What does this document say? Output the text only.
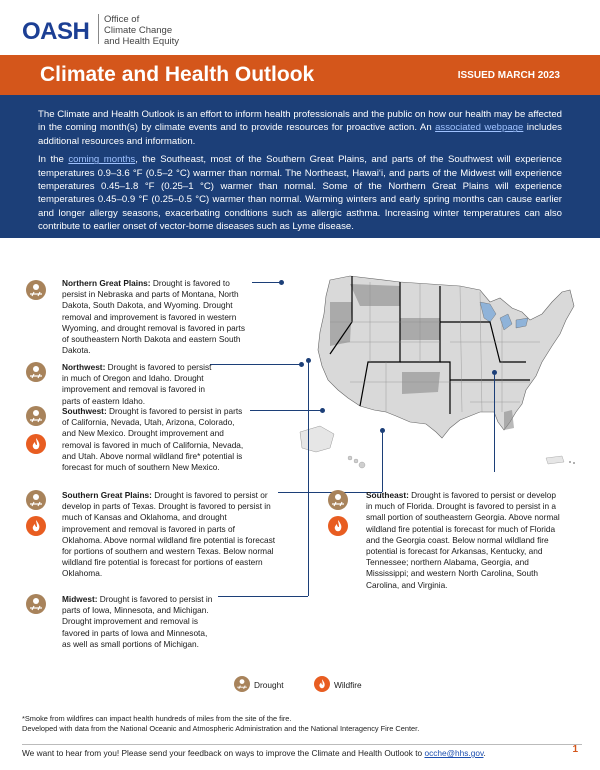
OASH Office of
Climate Change
and Health Equity
Climate and Health Outlook	ISSUED MARCH 2023

The Climate and Health Outlook is an effort to inform health professionals and the public on how our health may be affected in the coming month(s) by climate events and to provide resources for proactive action. An associated webpage includes additional resources and information.

In the coming months, the Southeast, most of the Southern Great Plains, and parts of the Southwest will experience temperatures 0.9–3.6 °F (0.5–2 °C) warmer than normal. The Northeast, Hawai‘i, and parts of the Midwest will experience temperatures 0.45–1.8 °F (0.25–1 °C) warmer than normal. Some of the Northern Great Plains will experience temperatures 0.45–0.9 °F (0.25–0.5 °C) warmer than normal. Warming winters and early spring months can cause earlier and longer allergy seasons, exacerbating conditions such as allergic asthma. Increasing winter temperatures can also contribute to earlier onset of vector-borne diseases such as Lyme disease.

Northern Great Plains: Drought is favored to persist in Nebraska and parts of Montana, North Dakota, South Dakota, and Wyoming. Drought removal and improvement is favored in western Wyoming, and drought removal is favored in parts of southeastern North Dakota and eastern South Dakota.
Northwest: Drought is favored to persist in much of Oregon and Idaho. Drought improvement and removal is favored in parts of eastern Idaho.
Southwest: Drought is favored to persist in parts of California, Nevada, Utah, Arizona, Colorado, and New Mexico. Drought improvement and removal is favored in much of California, Nevada, and Utah. Above normal wildland fire* potential is forecast for much of southern New Mexico.
Southern Great Plains: Drought is favored to persist or develop in parts of Texas. Drought is favored to persist in much of Kansas and Oklahoma, and drought improvement and removal is favored in parts of Oklahoma. Above normal wildland fire potential is forecast for portions of southern and western Texas. Below normal wildland fire potential is forecast for portions of eastern Oklahoma.
Midwest: Drought is favored to persist in parts of Iowa, Minnesota, and Michigan. Drought improvement and removal is favored in parts of Iowa and Minnesota, as well as small portions of Michigan.
Southeast: Drought is favored to persist or develop in much of Florida. Drought is favored to persist in a small portion of southeastern Georgia. Above normal wildland fire potential is forecast for much of Florida and the Georgia coast. Below normal wildland fire potential is forecast for Arkansas, Kentucky, and Tennessee; northern Alabama, Georgia, and Mississippi; and western North Carolina, South Carolina, and Virginia.
Drought	Wildfire
*Smoke from wildfires can impact health hundreds of miles from the site of the fire.
Developed with data from the National Oceanic and Atmospheric Administration and the National Interagency Fire Center.
We want to hear from you! Please send your feedback on ways to improve the Climate and Health Outlook to ocche@hhs.gov.	1
